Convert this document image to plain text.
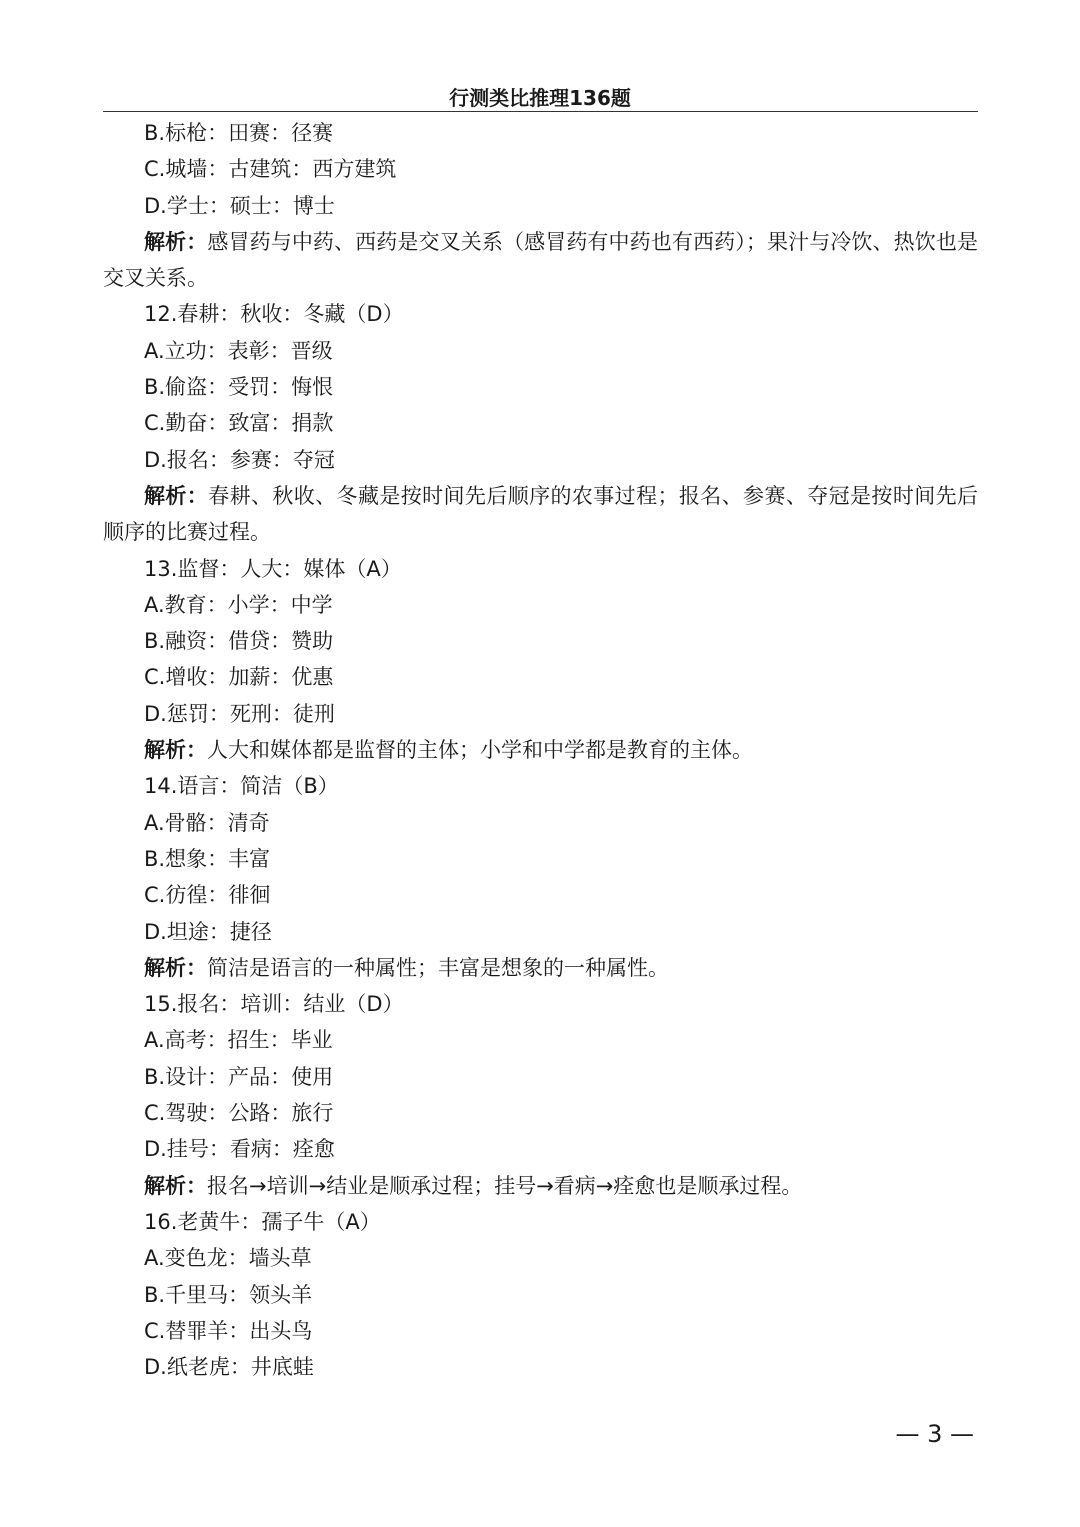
行测类比推理136题
B.标枪：田赛：径赛
C.城墙：古建筑：西方建筑
D.学士：硕士：博士
解析：感冒药与中药、西药是交叉关系（感冒药有中药也有西药）；果汁与冷饮、热饮也是交叉关系。
12.春耕：秋收：冬藏（D）
A.立功：表彰：晋级
B.偷盗：受罚：悔恨
C.勤奋：致富：捐款
D.报名：参赛：夺冠
解析：春耕、秋收、冬藏是按时间先后顺序的农事过程；报名、参赛、夺冠是按时间先后顺序的比赛过程。
13.监督：人大：媒体（A）
A.教育：小学：中学
B.融资：借贷：赞助
C.增收：加薪：优惠
D.惩罚：死刑：徒刑
解析：人大和媒体都是监督的主体；小学和中学都是教育的主体。
14.语言：简洁（B）
A.骨骼：清奇
B.想象：丰富
C.彷徨：徘徊
D.坦途：捷径
解析：简洁是语言的一种属性；丰富是想象的一种属性。
15.报名：培训：结业（D）
A.高考：招生：毕业
B.设计：产品：使用
C.驾驶：公路：旅行
D.挂号：看病：痊愈
解析：报名→培训→结业是顺承过程；挂号→看病→痊愈也是顺承过程。
16.老黄牛：孺子牛（A）
A.变色龙：墙头草
B.千里马：领头羊
C.替罪羊：出头鸟
D.纸老虎：井底蛙
— 3 —
